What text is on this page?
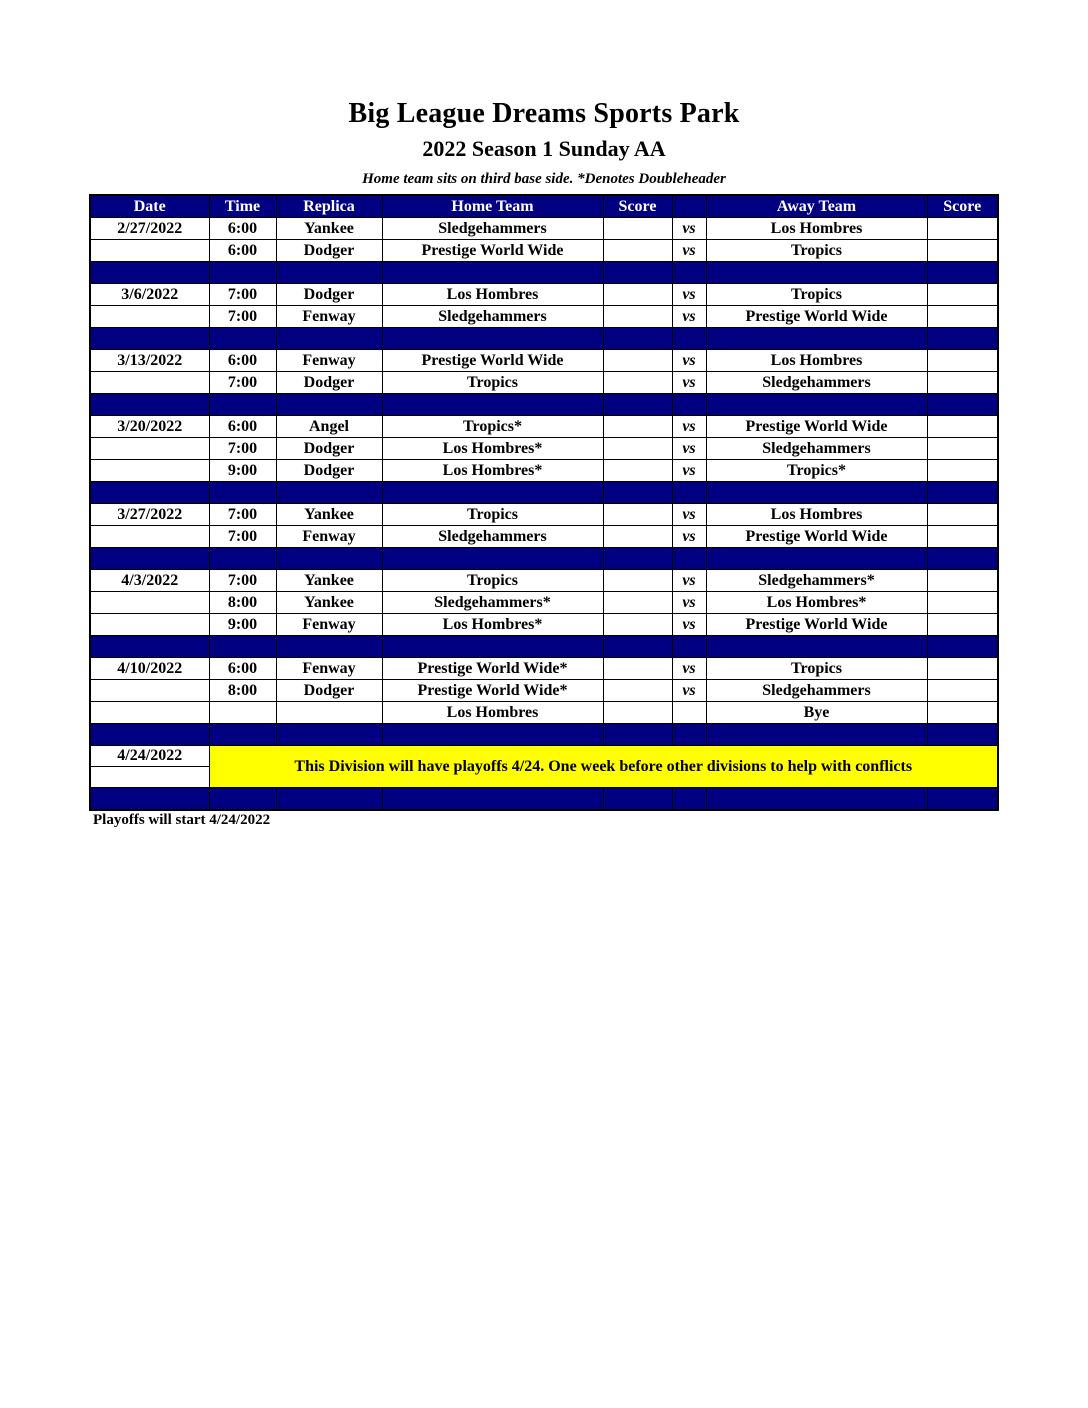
Big League Dreams Sports Park
2022 Season 1 Sunday AA
Home team sits on third base side. *Denotes Doubleheader
Date	Time	Replica	Home Team	Score		Away Team	Score
2/27/2022	6:00	Yankee	Sledgehammers		vs	Los Hombres	
	6:00	Dodger	Prestige World Wide		vs	Tropics	

3/6/2022	7:00	Dodger	Los Hombres		vs	Tropics	
	7:00	Fenway	Sledgehammers		vs	Prestige World Wide	

3/13/2022	6:00	Fenway	Prestige World Wide		vs	Los Hombres	
	7:00	Dodger	Tropics		vs	Sledgehammers	

3/20/2022	6:00	Angel	Tropics*		vs	Prestige World Wide	
	7:00	Dodger	Los Hombres*		vs	Sledgehammers	
	9:00	Dodger	Los Hombres*		vs	Tropics*	

3/27/2022	7:00	Yankee	Tropics		vs	Los Hombres	
	7:00	Fenway	Sledgehammers		vs	Prestige World Wide	

4/3/2022	7:00	Yankee	Tropics		vs	Sledgehammers*	
	8:00	Yankee	Sledgehammers*		vs	Los Hombres*	
	9:00	Fenway	Los Hombres*		vs	Prestige World Wide	

4/10/2022	6:00	Fenway	Prestige World Wide*		vs	Tropics	
	8:00	Dodger	Prestige World Wide*		vs	Sledgehammers	
			Los Hombres			Bye	

4/24/2022	This Division will have playoffs 4/24. One week before other divisions to help with conflicts						

Playoffs will start 4/24/2022
